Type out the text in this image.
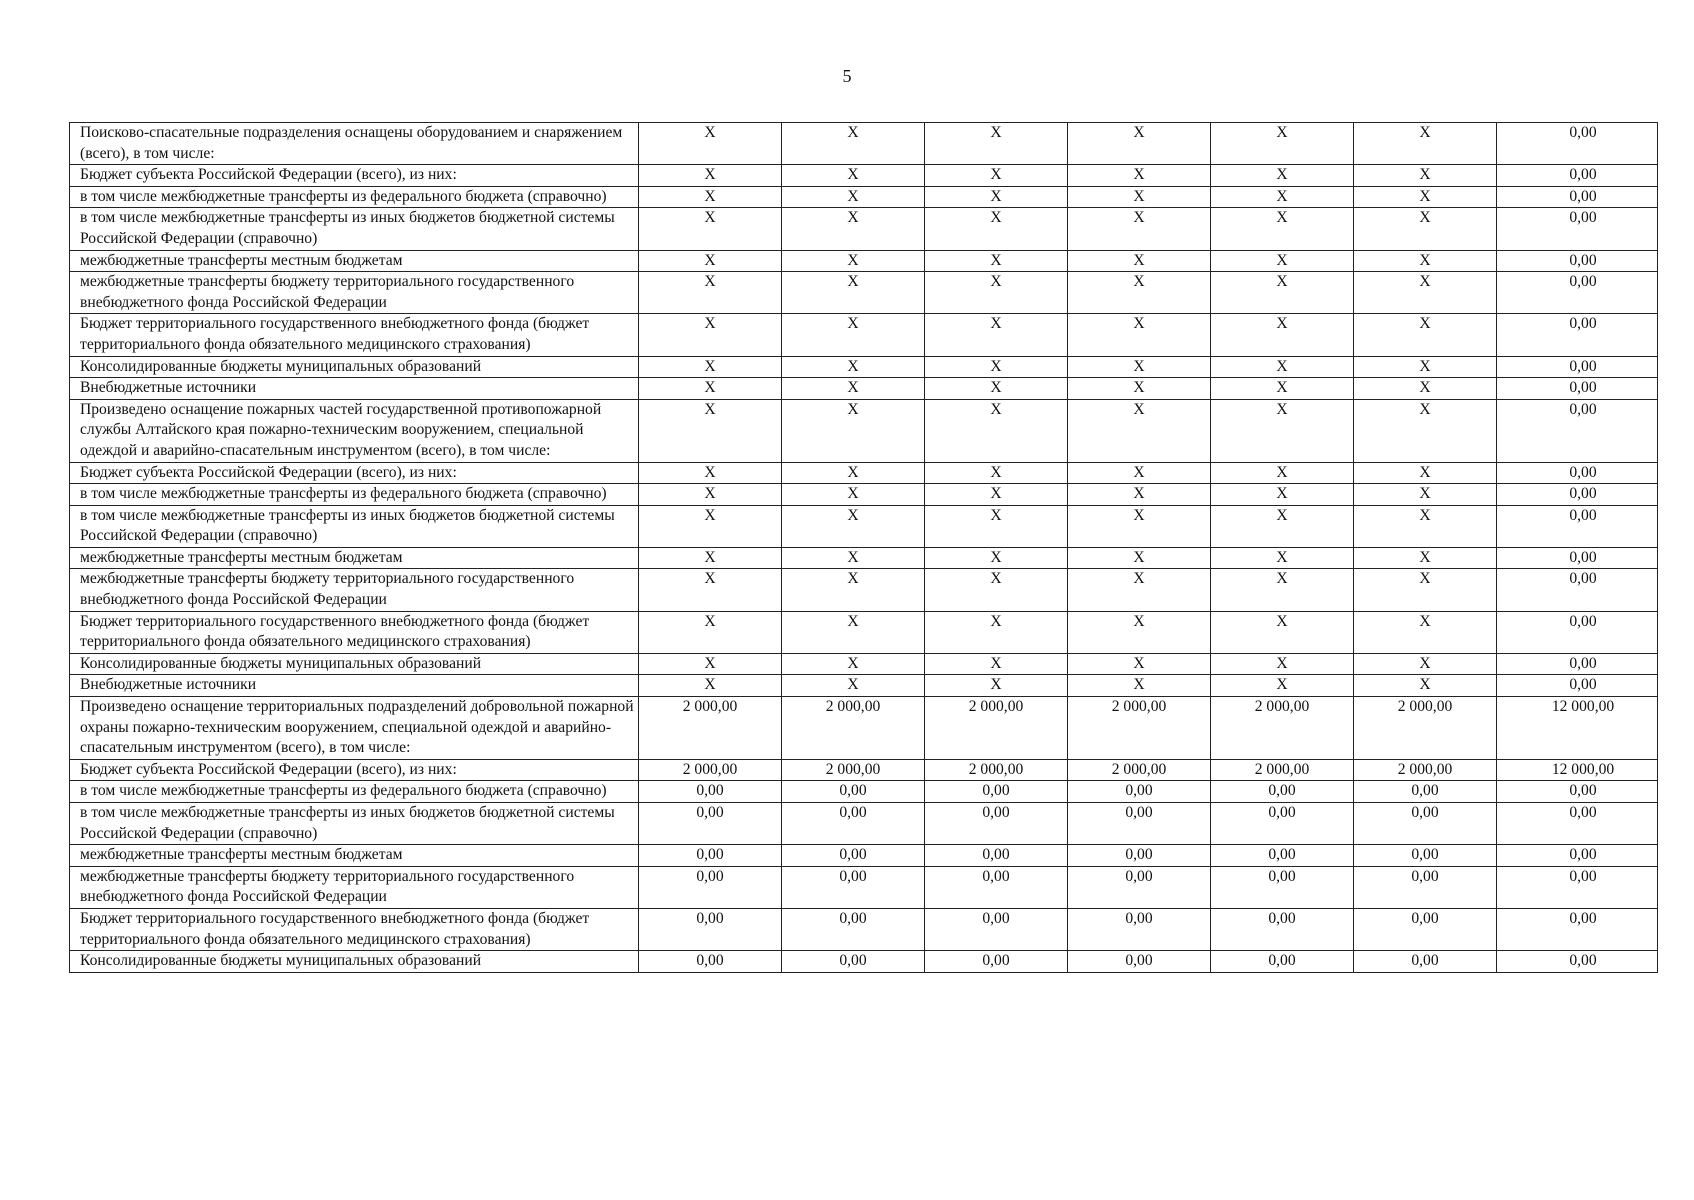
5
Поисково-спасательные подразделения оснащены оборудованием и снаряжением (всего), в том числе:	X	X	X	X	X	X	0,00
Бюджет субъекта Российской Федерации (всего), из них:	X	X	X	X	X	X	0,00
в том числе межбюджетные трансферты из федерального бюджета (справочно)	X	X	X	X	X	X	0,00
в том числе межбюджетные трансферты из иных бюджетов бюджетной системы Российской Федерации (справочно)	X	X	X	X	X	X	0,00
межбюджетные трансферты местным бюджетам	X	X	X	X	X	X	0,00
межбюджетные трансферты бюджету территориального государственного внебюджетного фонда Российской Федерации	X	X	X	X	X	X	0,00
Бюджет территориального государственного внебюджетного фонда (бюджет территориального фонда обязательного медицинского страхования)	X	X	X	X	X	X	0,00
Консолидированные бюджеты муниципальных образований	X	X	X	X	X	X	0,00
Внебюджетные источники	X	X	X	X	X	X	0,00
Произведено оснащение пожарных частей государственной противопожарной службы Алтайского края пожарно-техническим вооружением, специальной одеждой и аварийно-спасательным инструментом (всего), в том числе:	X	X	X	X	X	X	0,00
Бюджет субъекта Российской Федерации (всего), из них:	X	X	X	X	X	X	0,00
в том числе межбюджетные трансферты из федерального бюджета (справочно)	X	X	X	X	X	X	0,00
в том числе межбюджетные трансферты из иных бюджетов бюджетной системы Российской Федерации (справочно)	X	X	X	X	X	X	0,00
межбюджетные трансферты местным бюджетам	X	X	X	X	X	X	0,00
межбюджетные трансферты бюджету территориального государственного внебюджетного фонда Российской Федерации	X	X	X	X	X	X	0,00
Бюджет территориального государственного внебюджетного фонда (бюджет территориального фонда обязательного медицинского страхования)	X	X	X	X	X	X	0,00
Консолидированные бюджеты муниципальных образований	X	X	X	X	X	X	0,00
Внебюджетные источники	X	X	X	X	X	X	0,00
Произведено оснащение территориальных подразделений добровольной пожарной охраны пожарно-техническим вооружением, специальной одеждой и аварийно-спасательным инструментом (всего), в том числе:	2 000,00	2 000,00	2 000,00	2 000,00	2 000,00	2 000,00	12 000,00
Бюджет субъекта Российской Федерации (всего), из них:	2 000,00	2 000,00	2 000,00	2 000,00	2 000,00	2 000,00	12 000,00
в том числе межбюджетные трансферты из федерального бюджета (справочно)	0,00	0,00	0,00	0,00	0,00	0,00	0,00
в том числе межбюджетные трансферты из иных бюджетов бюджетной системы Российской Федерации (справочно)	0,00	0,00	0,00	0,00	0,00	0,00	0,00
межбюджетные трансферты местным бюджетам	0,00	0,00	0,00	0,00	0,00	0,00	0,00
межбюджетные трансферты бюджету территориального государственного внебюджетного фонда Российской Федерации	0,00	0,00	0,00	0,00	0,00	0,00	0,00
Бюджет территориального государственного внебюджетного фонда (бюджет территориального фонда обязательного медицинского страхования)	0,00	0,00	0,00	0,00	0,00	0,00	0,00
Консолидированные бюджеты муниципальных образований	0,00	0,00	0,00	0,00	0,00	0,00	0,00
